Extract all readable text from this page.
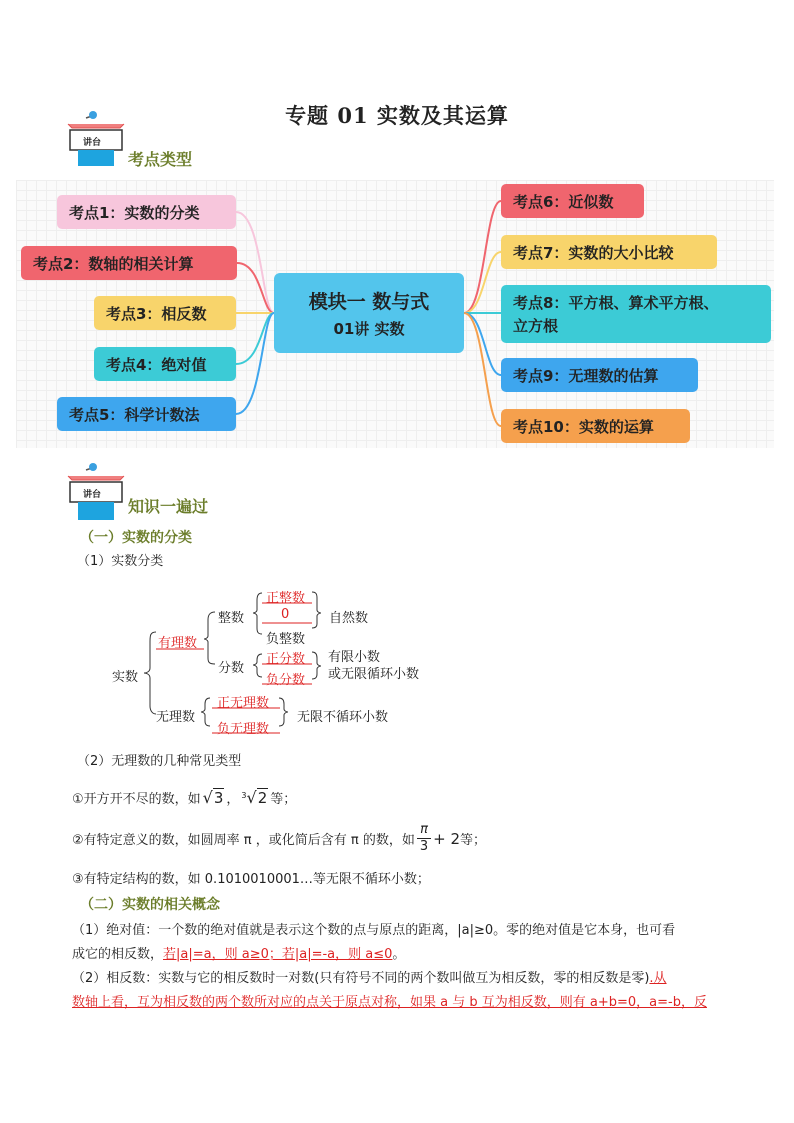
专题 01 实数及其运算
讲台
考点类型
考点1：实数的分类
考点2：数轴的相关计算
考点3：相反数
考点4：绝对值
考点5：科学计数法
模块一 数与式
01讲 实数
考点6：近似数
考点7：实数的大小比较
考点8：平方根、算术平方根、
立方根
考点9：无理数的估算
考点10：实数的运算
讲台
知识一遍过
（一）实数的分类
（1）实数分类
实数
有理数
整数
正整数
0
负整数
自然数
分数
正分数
负分数
有限小数
或无限循环小数
无理数
正无理数
负无理数
无限不循环小数
（2）无理数的几种常见类型
①开方开不尽的数，如 √ 3 ， $^3$ √ 2 等；
②有特定意义的数，如圆周率 π ，或化简后含有 π 的数，如 $\frac{\pi}{3} + 2$ 等；
③有特定结构的数，如 0.1010010001…等无限不循环小数；
（二）实数的相关概念
（1）绝对值：一个数的绝对值就是表示这个数的点与原点的距离，|a|≥0。零的绝对值是它本身，也可看
成它的相反数，若|a|=a，则 a≥0；若|a|=-a，则 a≤0。
（2）相反数：实数与它的相反数时一对数(只有符号不同的两个数叫做互为相反数，零的相反数是零).从
数轴上看，互为相反数的两个数所对应的点关于原点对称，如果 a 与 b 互为相反数，则有 a+b=0，a=-b，反
